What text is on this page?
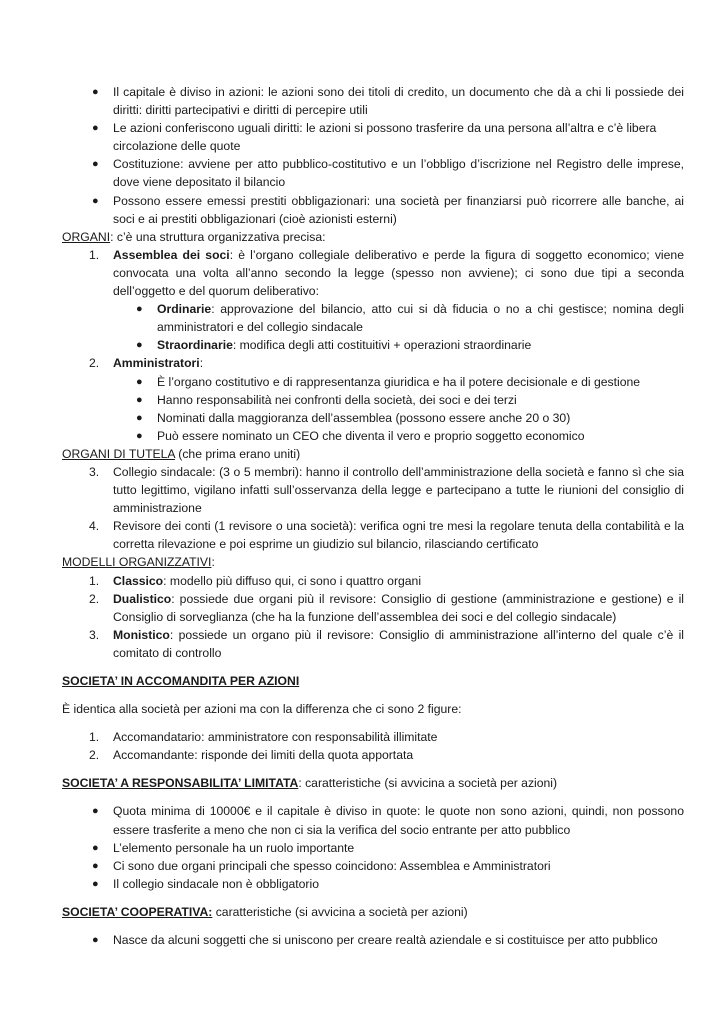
● Il capitale è diviso in azioni: le azioni sono dei titoli di credito, un documento che dà a chi li possiede dei diritti: diritti partecipativi e diritti di percepire utili
● Le azioni conferiscono uguali diritti: le azioni si possono trasferire da una persona all’altra e c’è libera circolazione delle quote
● Costituzione: avviene per atto pubblico-costitutivo e un l’obbligo d’iscrizione nel Registro delle imprese, dove viene depositato il bilancio
● Possono essere emessi prestiti obbligazionari: una società per finanziarsi può ricorrere alle banche, ai soci e ai prestiti obbligazionari (cioè azionisti esterni)
ORGANI: c’è una struttura organizzativa precisa:
1. Assemblea dei soci: è l’organo collegiale deliberativo e perde la figura di soggetto economico; viene convocata una volta all’anno secondo la legge (spesso non avviene); ci sono due tipi a seconda dell’oggetto e del quorum deliberativo:
● Ordinarie: approvazione del bilancio, atto cui si dà fiducia o no a chi gestisce; nomina degli amministratori e del collegio sindacale
● Straordinarie: modifica degli atti costituitivi + operazioni straordinarie
2. Amministratori:
● È l’organo costitutivo e di rappresentanza giuridica e ha il potere decisionale e di gestione
● Hanno responsabilità nei confronti della società, dei soci e dei terzi
● Nominati dalla maggioranza dell’assemblea (possono essere anche 20 o 30)
● Può essere nominato un CEO che diventa il vero e proprio soggetto economico
ORGANI DI TUTELA (che prima erano uniti)
3. Collegio sindacale: (3 o 5 membri): hanno il controllo dell’amministrazione della società e fanno sì che sia tutto legittimo, vigilano infatti sull’osservanza della legge e partecipano a tutte le riunioni del consiglio di amministrazione
4. Revisore dei conti (1 revisore o una società): verifica ogni tre mesi la regolare tenuta della contabilità e la corretta rilevazione e poi esprime un giudizio sul bilancio, rilasciando certificato
MODELLI ORGANIZZATIVI:
1. Classico: modello più diffuso qui, ci sono i quattro organi
2. Dualistico: possiede due organi più il revisore: Consiglio di gestione (amministrazione e gestione) e il Consiglio di sorveglianza (che ha la funzione dell’assemblea dei soci e del collegio sindacale)
3. Monistico: possiede un organo più il revisore: Consiglio di amministrazione all’interno del quale c’è il comitato di controllo
SOCIETA’ IN ACCOMANDITA PER AZIONI
È identica alla società per azioni ma con la differenza che ci sono 2 figure:
1. Accomandatario: amministratore con responsabilità illimitate
2. Accomandante: risponde dei limiti della quota apportata
SOCIETA’ A RESPONSABILITA’ LIMITATA: caratteristiche (si avvicina a società per azioni)
● Quota minima di 10000€ e il capitale è diviso in quote: le quote non sono azioni, quindi, non possono essere trasferite a meno che non ci sia la verifica del socio entrante per atto pubblico
● L’elemento personale ha un ruolo importante
● Ci sono due organi principali che spesso coincidono: Assemblea e Amministratori
● Il collegio sindacale non è obbligatorio
SOCIETA’ COOPERATIVA: caratteristiche (si avvicina a società per azioni)
● Nasce da alcuni soggetti che si uniscono per creare realtà aziendale e si costituisce per atto pubblico
